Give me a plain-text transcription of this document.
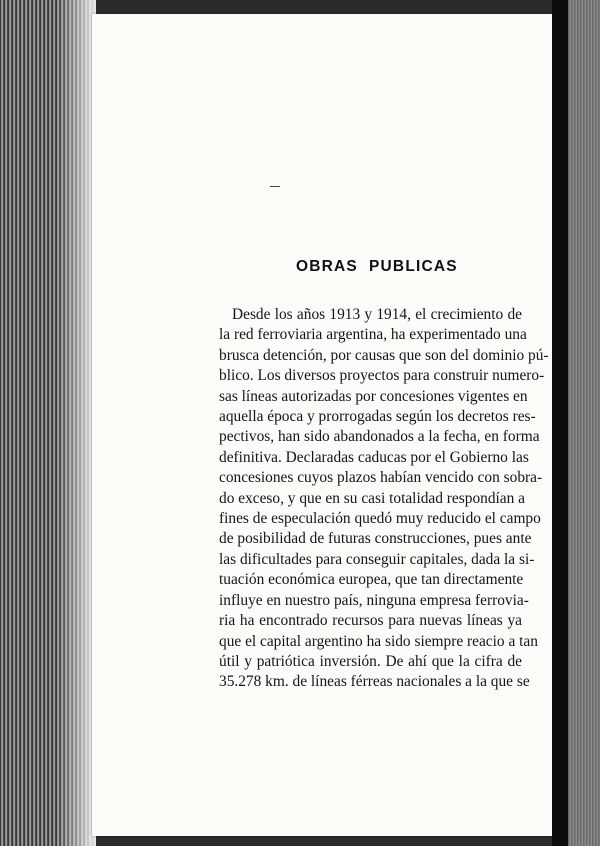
OBRAS  PUBLICAS
Desde los años 1913 y 1914, el crecimiento de
la red ferroviaria argentina, ha experimentado una
brusca detención, por causas que son del dominio pú-
blico. Los diversos proyectos para construir numero-
sas líneas autorizadas por concesiones vigentes en
aquella época y prorrogadas según los decretos res-
pectivos, han sido abandonados a la fecha, en forma
definitiva. Declaradas caducas por el Gobierno las
concesiones cuyos plazos habían vencido con sobra-
do exceso, y que en su casi totalidad respondían a
fines de especulación quedó muy reducido el campo
de posibilidad de futuras construcciones, pues ante
las dificultades para conseguir capitales, dada la si-
tuación económica europea, que tan directamente
influye en nuestro país, ninguna empresa ferrovia-
ria ha encontrado recursos para nuevas líneas ya
que el capital argentino ha sido siempre reacio a tan
útil y patriótica inversión. De ahí que la cifra de
35.278 km. de líneas férreas nacionales a la que se
